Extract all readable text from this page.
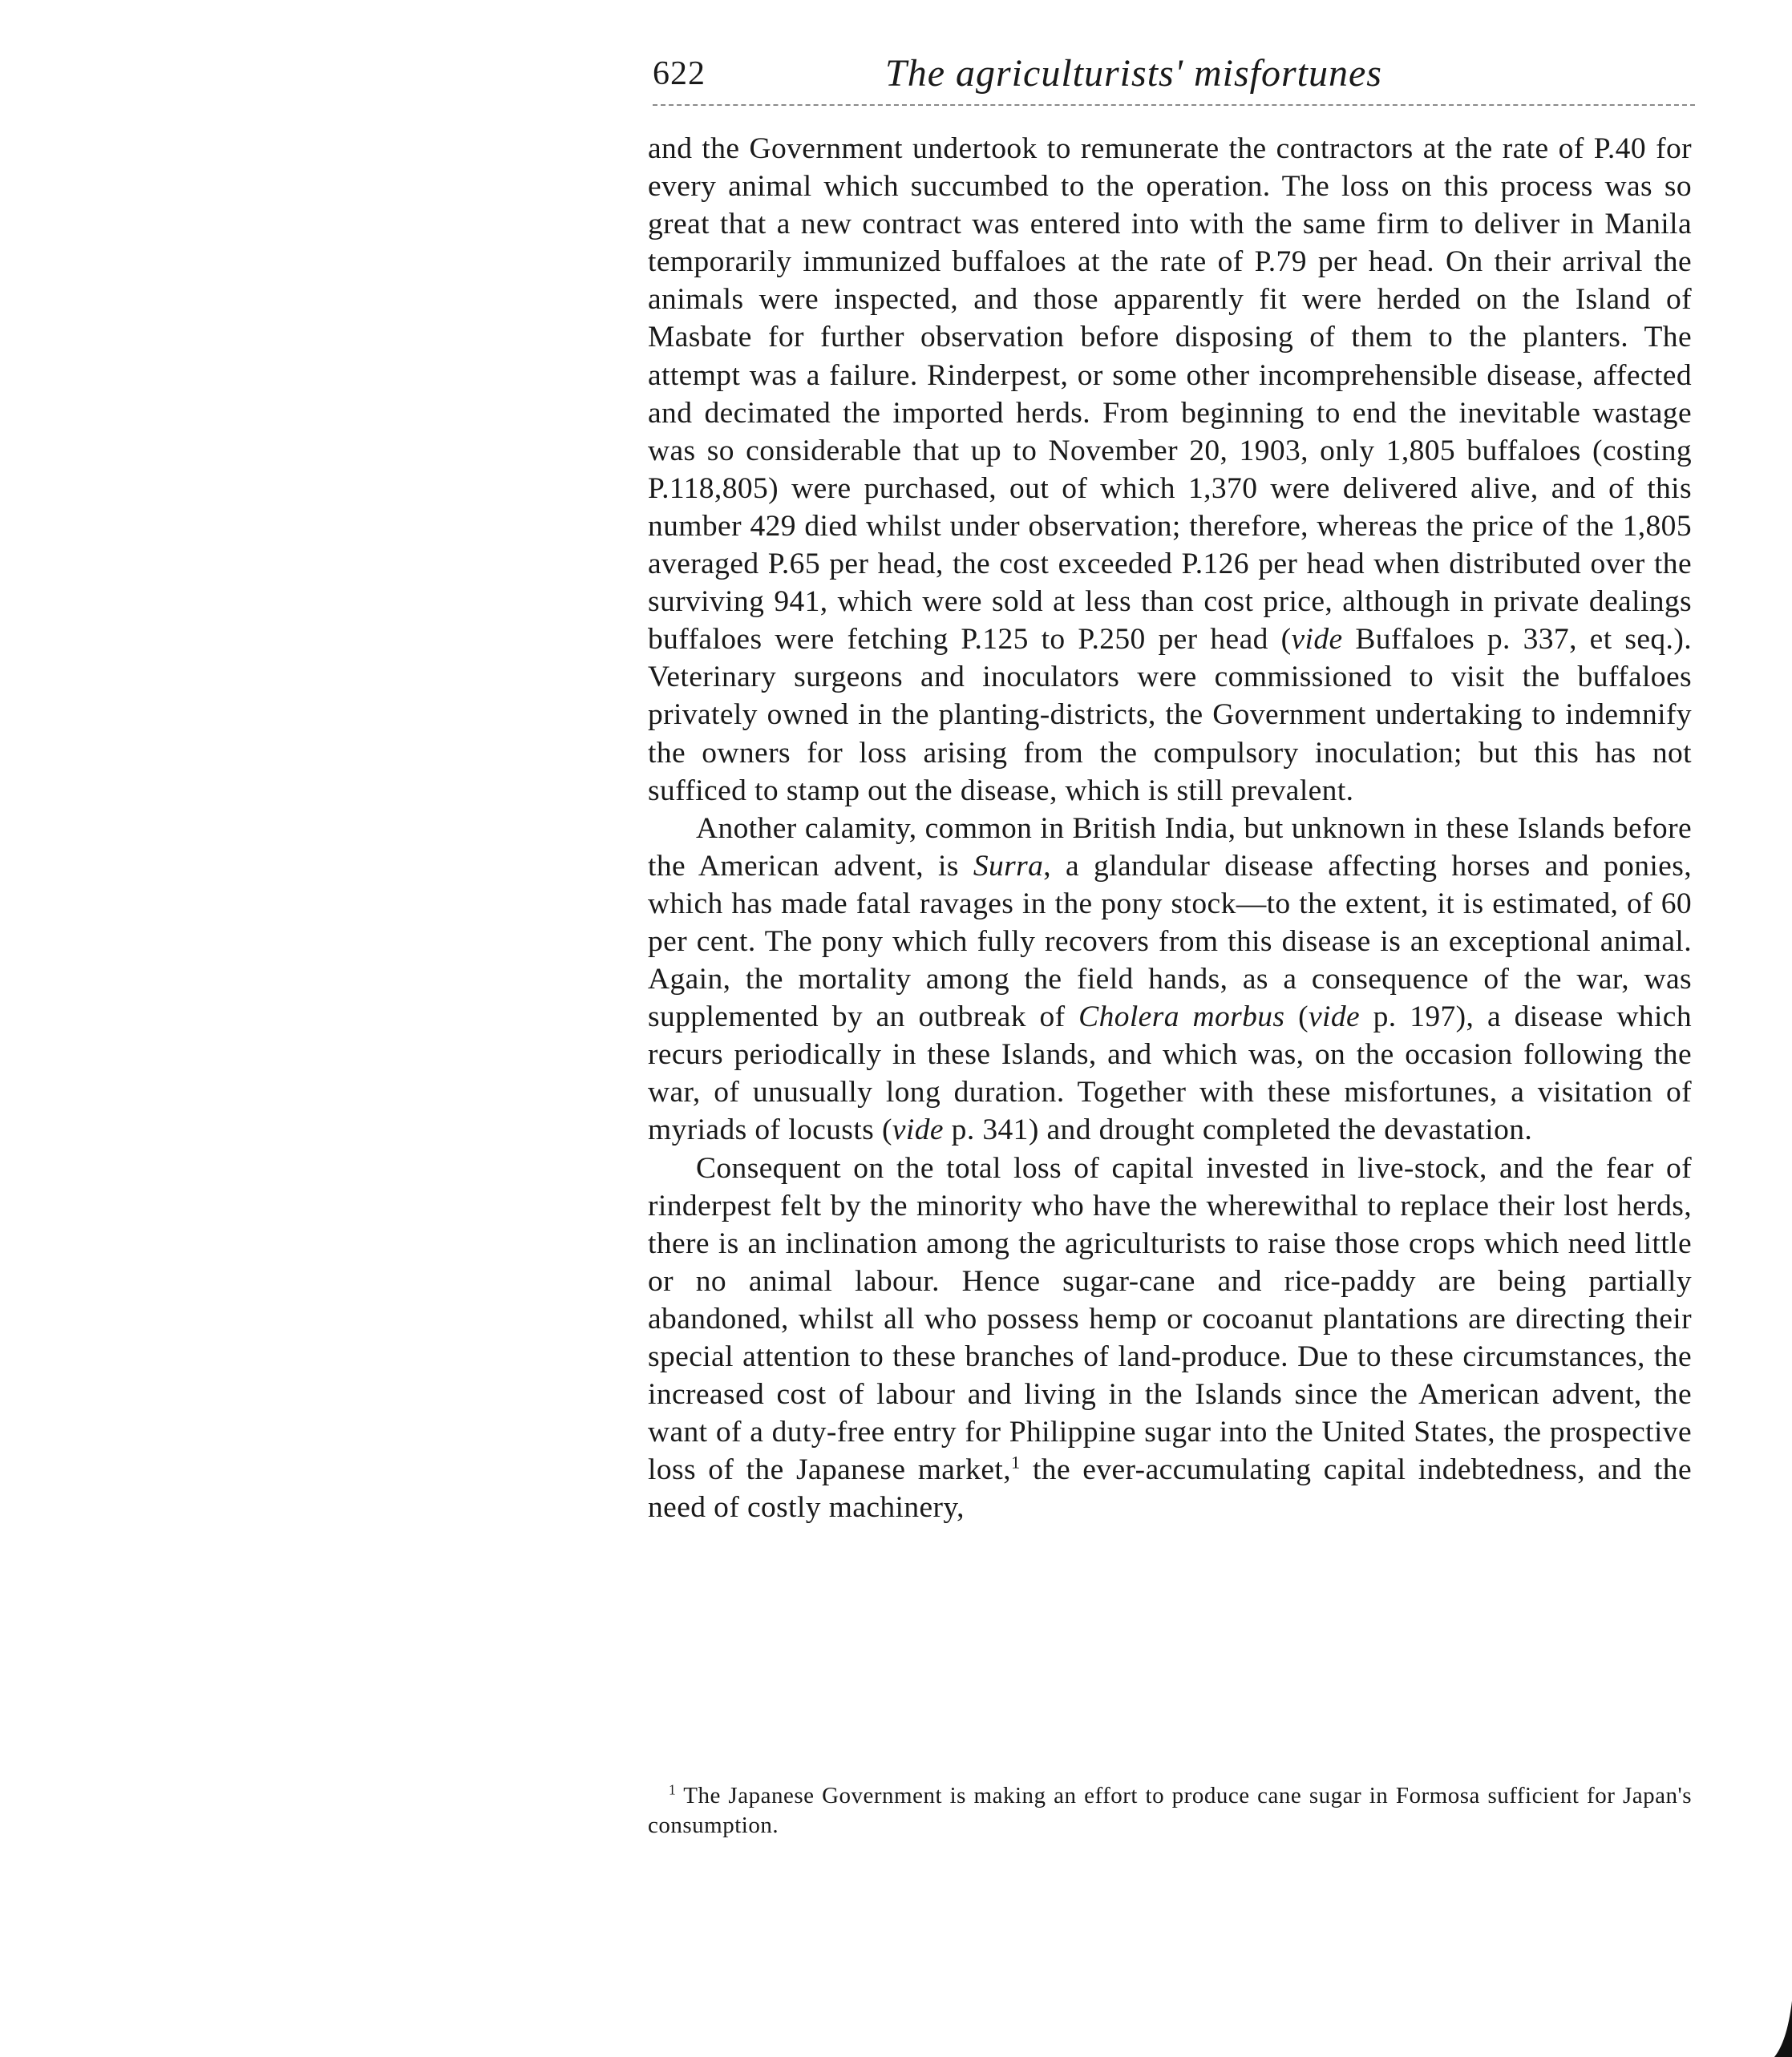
622	The agriculturists' misfortunes

and the Government undertook to remunerate the contractors at the rate of P.40 for every animal which succumbed to the operation. The loss on this process was so great that a new contract was entered into with the same firm to deliver in Manila temporarily immunized buffaloes at the rate of P.79 per head. On their arrival the animals were inspected, and those apparently fit were herded on the Island of Masbate for further observation before disposing of them to the planters. The attempt was a failure. Rinderpest, or some other incomprehensible disease, affected and decimated the imported herds. From beginning to end the inevitable wastage was so considerable that up to November 20, 1903, only 1,805 buffaloes (costing P.118,805) were purchased, out of which 1,370 were delivered alive, and of this number 429 died whilst under observation; therefore, whereas the price of the 1,805 averaged P.65 per head, the cost exceeded P.126 per head when distributed over the surviving 941, which were sold at less than cost price, although in private dealings buffaloes were fetching P.125 to P.250 per head (vide Buffaloes p. 337, et seq.). Veterinary surgeons and inoculators were commissioned to visit the buffaloes privately owned in the planting-districts, the Government undertaking to indemnify the owners for loss arising from the compulsory inoculation; but this has not sufficed to stamp out the disease, which is still prevalent.

Another calamity, common in British India, but unknown in these Islands before the American advent, is Surra, a glandular disease affecting horses and ponies, which has made fatal ravages in the pony stock—to the extent, it is estimated, of 60 per cent. The pony which fully recovers from this disease is an exceptional animal. Again, the mortality among the field hands, as a consequence of the war, was supplemented by an outbreak of Cholera morbus (vide p. 197), a disease which recurs periodically in these Islands, and which was, on the occasion following the war, of unusually long duration. Together with these misfortunes, a visitation of myriads of locusts (vide p. 341) and drought completed the devastation.

Consequent on the total loss of capital invested in live-stock, and the fear of rinderpest felt by the minority who have the wherewithal to replace their lost herds, there is an inclination among the agriculturists to raise those crops which need little or no animal labour. Hence sugar-cane and rice-paddy are being partially abandoned, whilst all who possess hemp or cocoanut plantations are directing their special attention to these branches of land-produce. Due to these circumstances, the increased cost of labour and living in the Islands since the American advent, the want of a duty-free entry for Philippine sugar into the United States, the prospective loss of the Japanese market,$^1$ the ever-accumulating capital indebtedness, and the need of costly machinery,

$^1$ The Japanese Government is making an effort to produce cane sugar in Formosa sufficient for Japan's consumption.
